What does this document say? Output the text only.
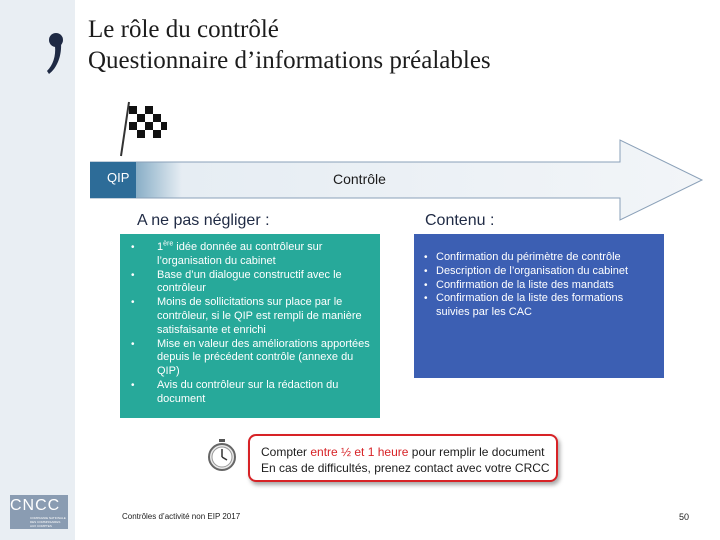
Le rôle du contrôlé
Questionnaire d’informations préalables
QIP	Contrôle
A ne pas négliger :	Contenu :
• 1ère idée donnée au contrôleur sur l’organisation du cabinet
• Base d’un dialogue constructif avec le contrôleur
• Moins de sollicitations sur place par le contrôleur, si le QIP est rempli de manière satisfaisante et enrichi
• Mise en valeur des améliorations apportées depuis le précédent contrôle (annexe du QIP)
• Avis du contrôleur sur la rédaction du document
• Confirmation du périmètre de contrôle
• Description de l’organisation du cabinet
• Confirmation de la liste des mandats
• Confirmation de la liste des formations suivies par les CAC
Compter entre ½ et 1 heure pour remplir le document
En cas de difficultés, prenez contact avec votre CRCC
CNCC
COMPAGNIE NATIONALE DES COMMISSAIRES AUX COMPTES
Contrôles d’activité non EIP 2017	50
